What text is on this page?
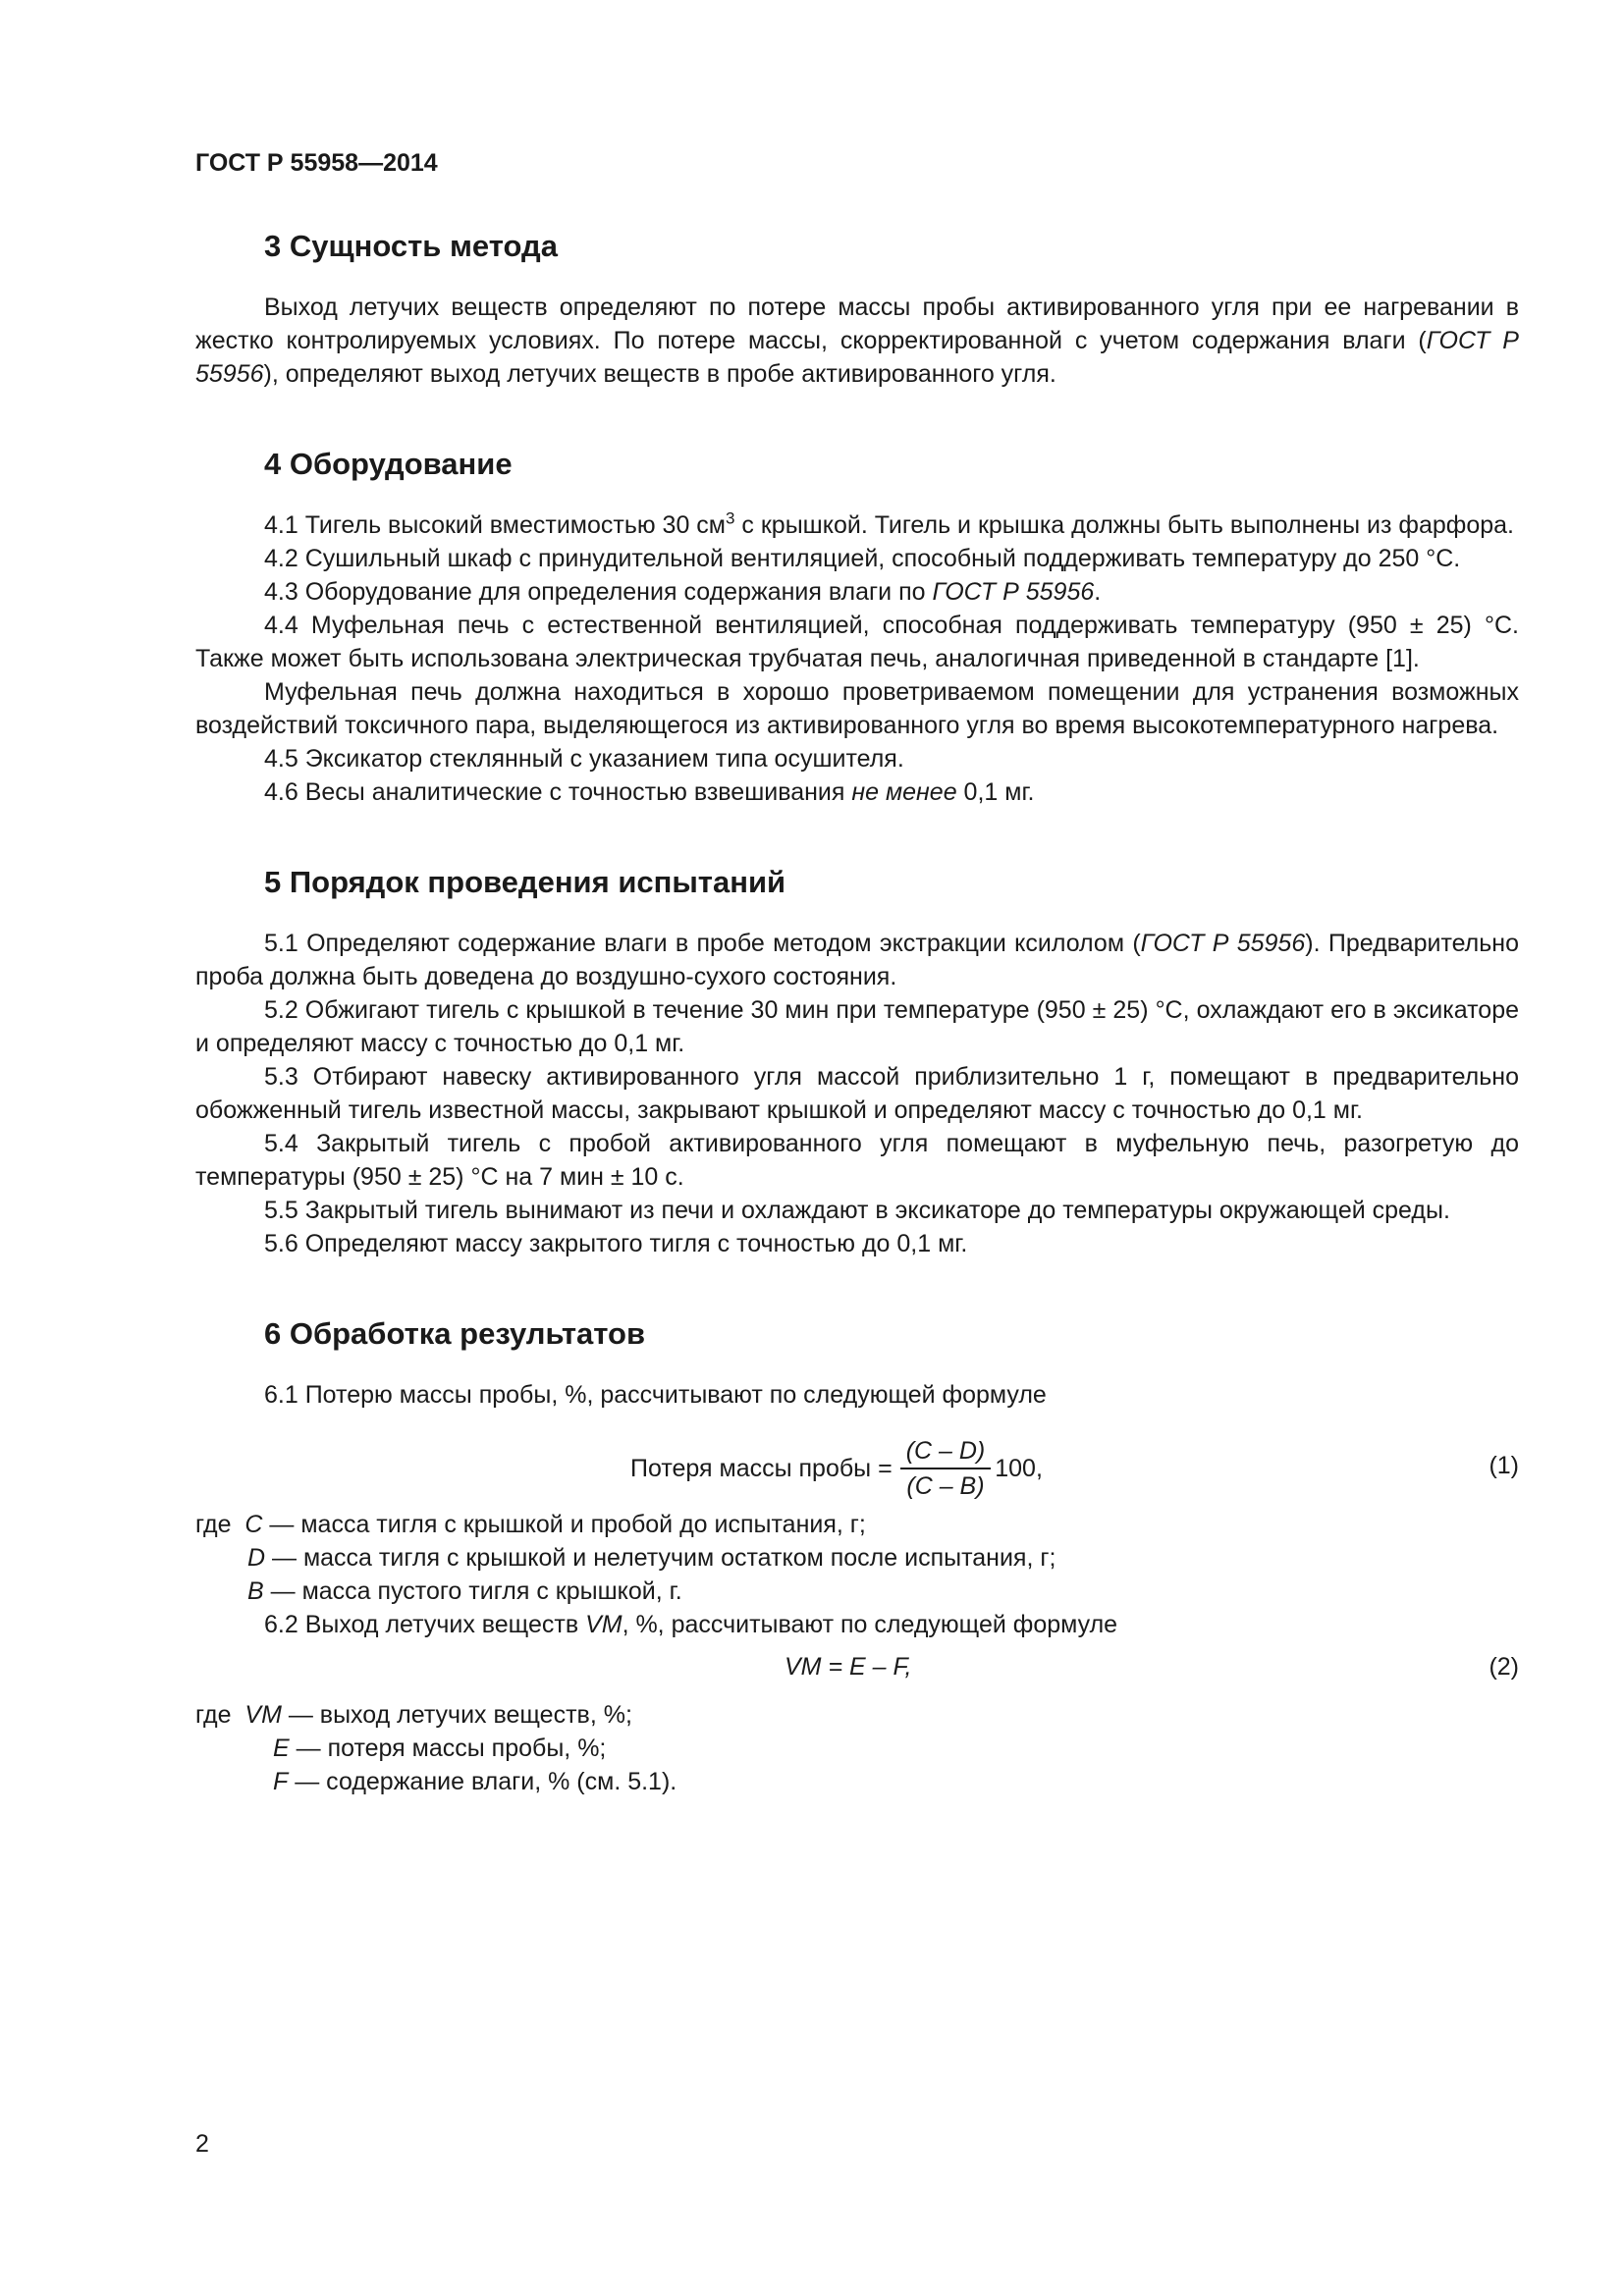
ГОСТ Р 55958—2014
3 Сущность метода

Выход летучих веществ определяют по потере массы пробы активированного угля при ее нагревании в жестко контролируемых условиях. По потере массы, скорректированной с учетом содержания влаги (ГОСТ Р 55956), определяют выход летучих веществ в пробе активированного угля.

4 Оборудование

4.1 Тигель высокий вместимостью 30 $см^3$ с крышкой. Тигель и крышка должны быть выполнены из фарфора.

4.2 Сушильный шкаф с принудительной вентиляцией, способный поддерживать температуру до 250 °С.

4.3 Оборудование для определения содержания влаги по ГОСТ Р 55956.

4.4 Муфельная печь с естественной вентиляцией, способная поддерживать температуру (950 ± 25) °С. Также может быть использована электрическая трубчатая печь, аналогичная приведенной в стандарте [1].

Муфельная печь должна находиться в хорошо проветриваемом помещении для устранения возможных воздействий токсичного пара, выделяющегося из активированного угля во время высокотемпературного нагрева.

4.5 Эксикатор стеклянный с указанием типа осушителя.

4.6 Весы аналитические с точностью взвешивания не менее 0,1 мг.

5 Порядок проведения испытаний

5.1 Определяют содержание влаги в пробе методом экстракции ксилолом (ГОСТ Р 55956). Предварительно проба должна быть доведена до воздушно-сухого состояния.

5.2 Обжигают тигель с крышкой в течение 30 мин при температуре (950 ± 25) °С, охлаждают его в эксикаторе и определяют массу с точностью до 0,1 мг.

5.3 Отбирают навеску активированного угля массой приблизительно 1 г, помещают в предварительно обожженный тигель известной массы, закрывают крышкой и определяют массу с точностью до 0,1 мг.

5.4 Закрытый тигель с пробой активированного угля помещают в муфельную печь, разогретую до температуры (950 ± 25) °С на 7 мин ± 10 с.

5.5 Закрытый тигель вынимают из печи и охлаждают в эксикаторе до температуры окружающей среды.

5.6 Определяют массу закрытого тигля с точностью до 0,1 мг.

6 Обработка результатов

6.1 Потерю массы пробы, %, рассчитывают по следующей формуле

Потеря массы пробы = $\frac{(C - D)}{(C - B)} 100$,	(1)
где C — масса тигля с крышкой и пробой до испытания, г;
D — масса тигля с крышкой и нелетучим остатком после испытания, г;
B — масса пустого тигля с крышкой, г.

6.2 Выход летучих веществ VM, %, рассчитывают по следующей формуле

VM = E – F,	(2)
где VM — выход летучих веществ, %;
E — потеря массы пробы, %;
F — содержание влаги, % (см. 5.1).
2
